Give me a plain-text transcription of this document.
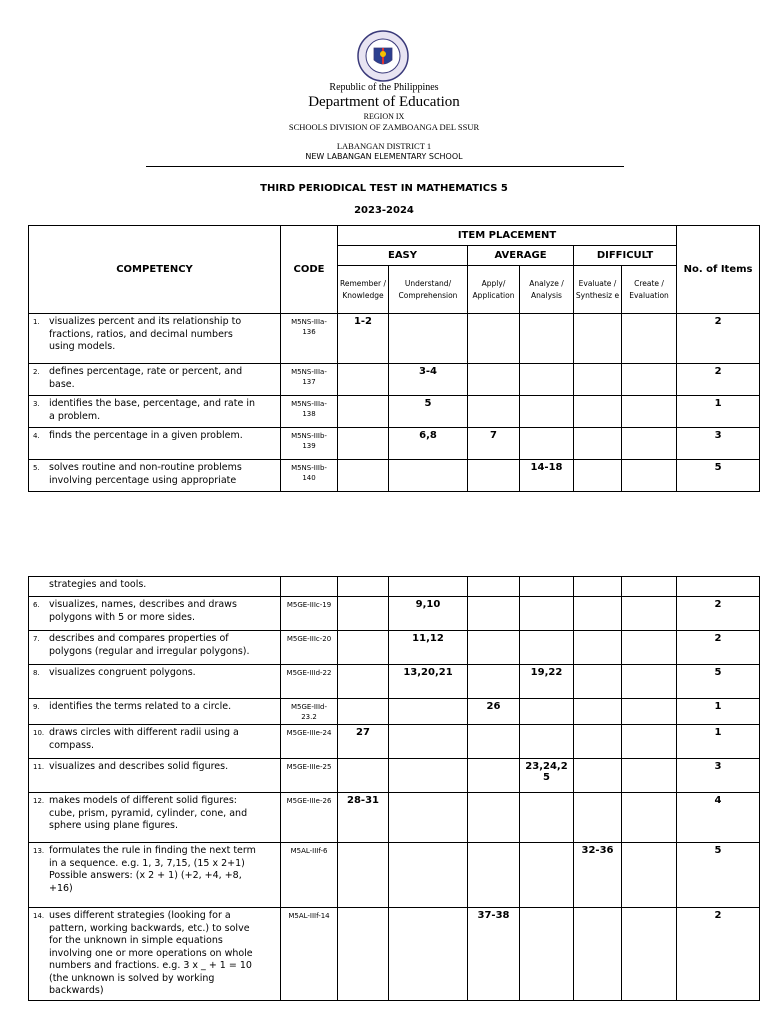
Republic of the Philippines
Department of Education
REGION IX
SCHOOLS DIVISION OF ZAMBOANGA DEL SSUR
LABANGAN DISTRICT 1
NEW LABANGAN ELEMENTARY SCHOOL
THIRD PERIODICAL TEST IN MATHEMATICS 5
2023-2024
COMPETENCY	CODE	ITEM PLACEMENT						No. of Items
		EASY		AVERAGE		DIFFICULT		
		Remember / Knowledge	Understand/ Comprehension	Apply/ Application	Analyze / Analysis	Evaluate / Synthesiz e	Create / Evaluation	
1. visualizes percent and its relationship to fractions, ratios, and decimal numbers using models.	M5NS-IIIa-136	1-2						2
2. defines percentage, rate or percent, and base.	M5NS-IIIa-137		3-4					2
3. identifies the base, percentage, and rate in a problem.	M5NS-IIIa-138		5					1
4. finds the percentage in a given problem.	M5NS-IIIb-139		6,8	7				3
5. solves routine and non-routine problems involving percentage using appropriate	M5NS-IIIb-140				14-18			5
strategies and tools.								
6. visualizes, names, describes and draws polygons with 5 or more sides.	M5GE-IIIc-19		9,10					2
7. describes and compares properties of polygons (regular and irregular polygons).	M5GE-IIIc-20		11,12					2
8. visualizes congruent polygons.	M5GE-IIId-22		13,20,21		19,22			5
9. identifies the terms related to a circle.	M5GE-IIId-23.2			26				1
10. draws circles with different radii using a compass.	M5GE-IIIe-24	27						1
11. visualizes and describes solid figures.	M5GE-IIIe-25				23,24,2 5			3
12. makes models of different solid figures: cube, prism, pyramid, cylinder, cone, and sphere using plane figures.	M5GE-IIIe-26	28-31						4
13. formulates the rule in finding the next term in a sequence. e.g. 1, 3, 7,15, (15 x 2+1) Possible answers: (x 2 + 1) (+2, +4, +8, +16)	M5AL-IIIf-6					32-36		5
14. uses different strategies (looking for a pattern, working backwards, etc.) to solve for the unknown in simple equations involving one or more operations on whole numbers and fractions. e.g. 3 x _ + 1 = 10 (the unknown is solved by working backwards)	M5AL-IIIf-14			37-38				2
